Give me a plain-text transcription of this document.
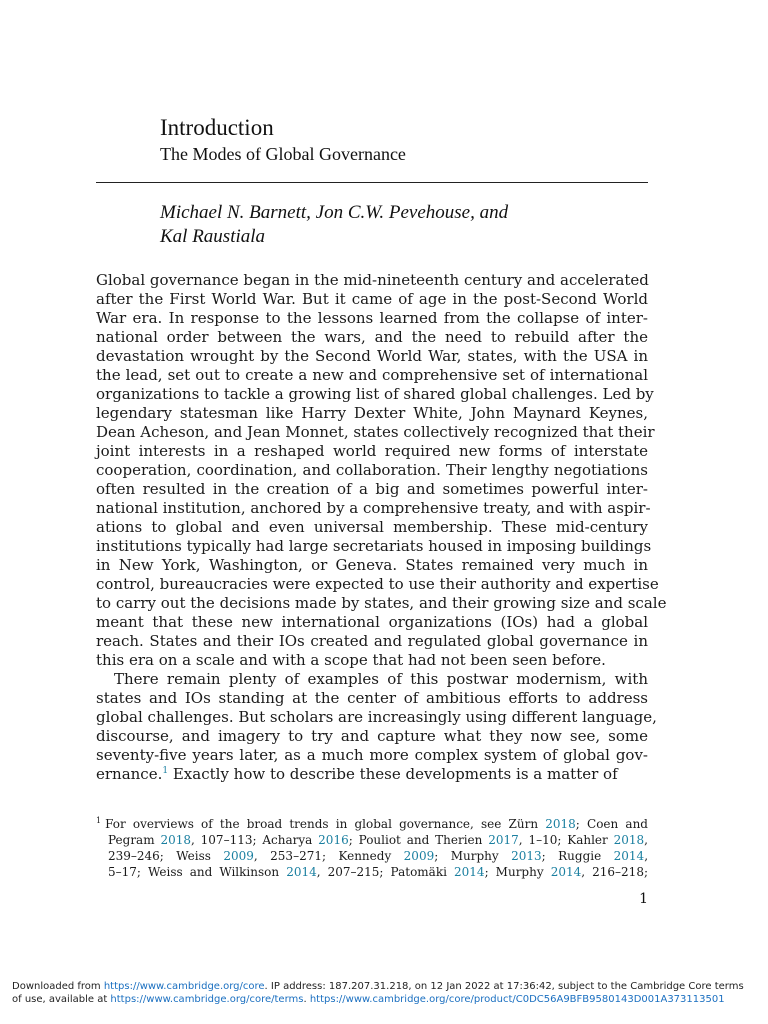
Introduction
The Modes of Global Governance
Michael N. Barnett, Jon C.W. Pevehouse, and
Kal Raustiala
Global governance began in the mid-nineteenth century and accelerated
after the First World War. But it came of age in the post-Second World
War era. In response to the lessons learned from the collapse of inter-
national order between the wars, and the need to rebuild after the
devastation wrought by the Second World War, states, with the USA in
the lead, set out to create a new and comprehensive set of international
organizations to tackle a growing list of shared global challenges. Led by
legendary statesman like Harry Dexter White, John Maynard Keynes,
Dean Acheson, and Jean Monnet, states collectively recognized that their
joint interests in a reshaped world required new forms of interstate
cooperation, coordination, and collaboration. Their lengthy negotiations
often resulted in the creation of a big and sometimes powerful inter-
national institution, anchored by a comprehensive treaty, and with aspir-
ations to global and even universal membership. These mid-century
institutions typically had large secretariats housed in imposing buildings
in New York, Washington, or Geneva. States remained very much in
control, bureaucracies were expected to use their authority and expertise
to carry out the decisions made by states, and their growing size and scale
meant that these new international organizations (IOs) had a global
reach. States and their IOs created and regulated global governance in
this era on a scale and with a scope that had not been seen before.
There remain plenty of examples of this postwar modernism, with
states and IOs standing at the center of ambitious efforts to address
global challenges. But scholars are increasingly using different language,
discourse, and imagery to try and capture what they now see, some
seventy-five years later, as a much more complex system of global gov-
ernance.$^1$ Exactly how to describe these developments is a matter of
$^1$ For overviews of the broad trends in global governance, see Zürn 2018; Coen and
Pegram 2018, 107–113; Acharya 2016; Pouliot and Therien 2017, 1–10; Kahler 2018,
239–246; Weiss 2009, 253–271; Kennedy 2009; Murphy 2013; Ruggie 2014,
5–17; Weiss and Wilkinson 2014, 207–215; Patomäki 2014; Murphy 2014, 216–218;
1
Downloaded from https://www.cambridge.org/core. IP address: 187.207.31.218, on 12 Jan 2022 at 17:36:42, subject to the Cambridge Core terms
of use, available at https://www.cambridge.org/core/terms. https://www.cambridge.org/core/product/C0DC56A9BFB9580143D001A373113501
